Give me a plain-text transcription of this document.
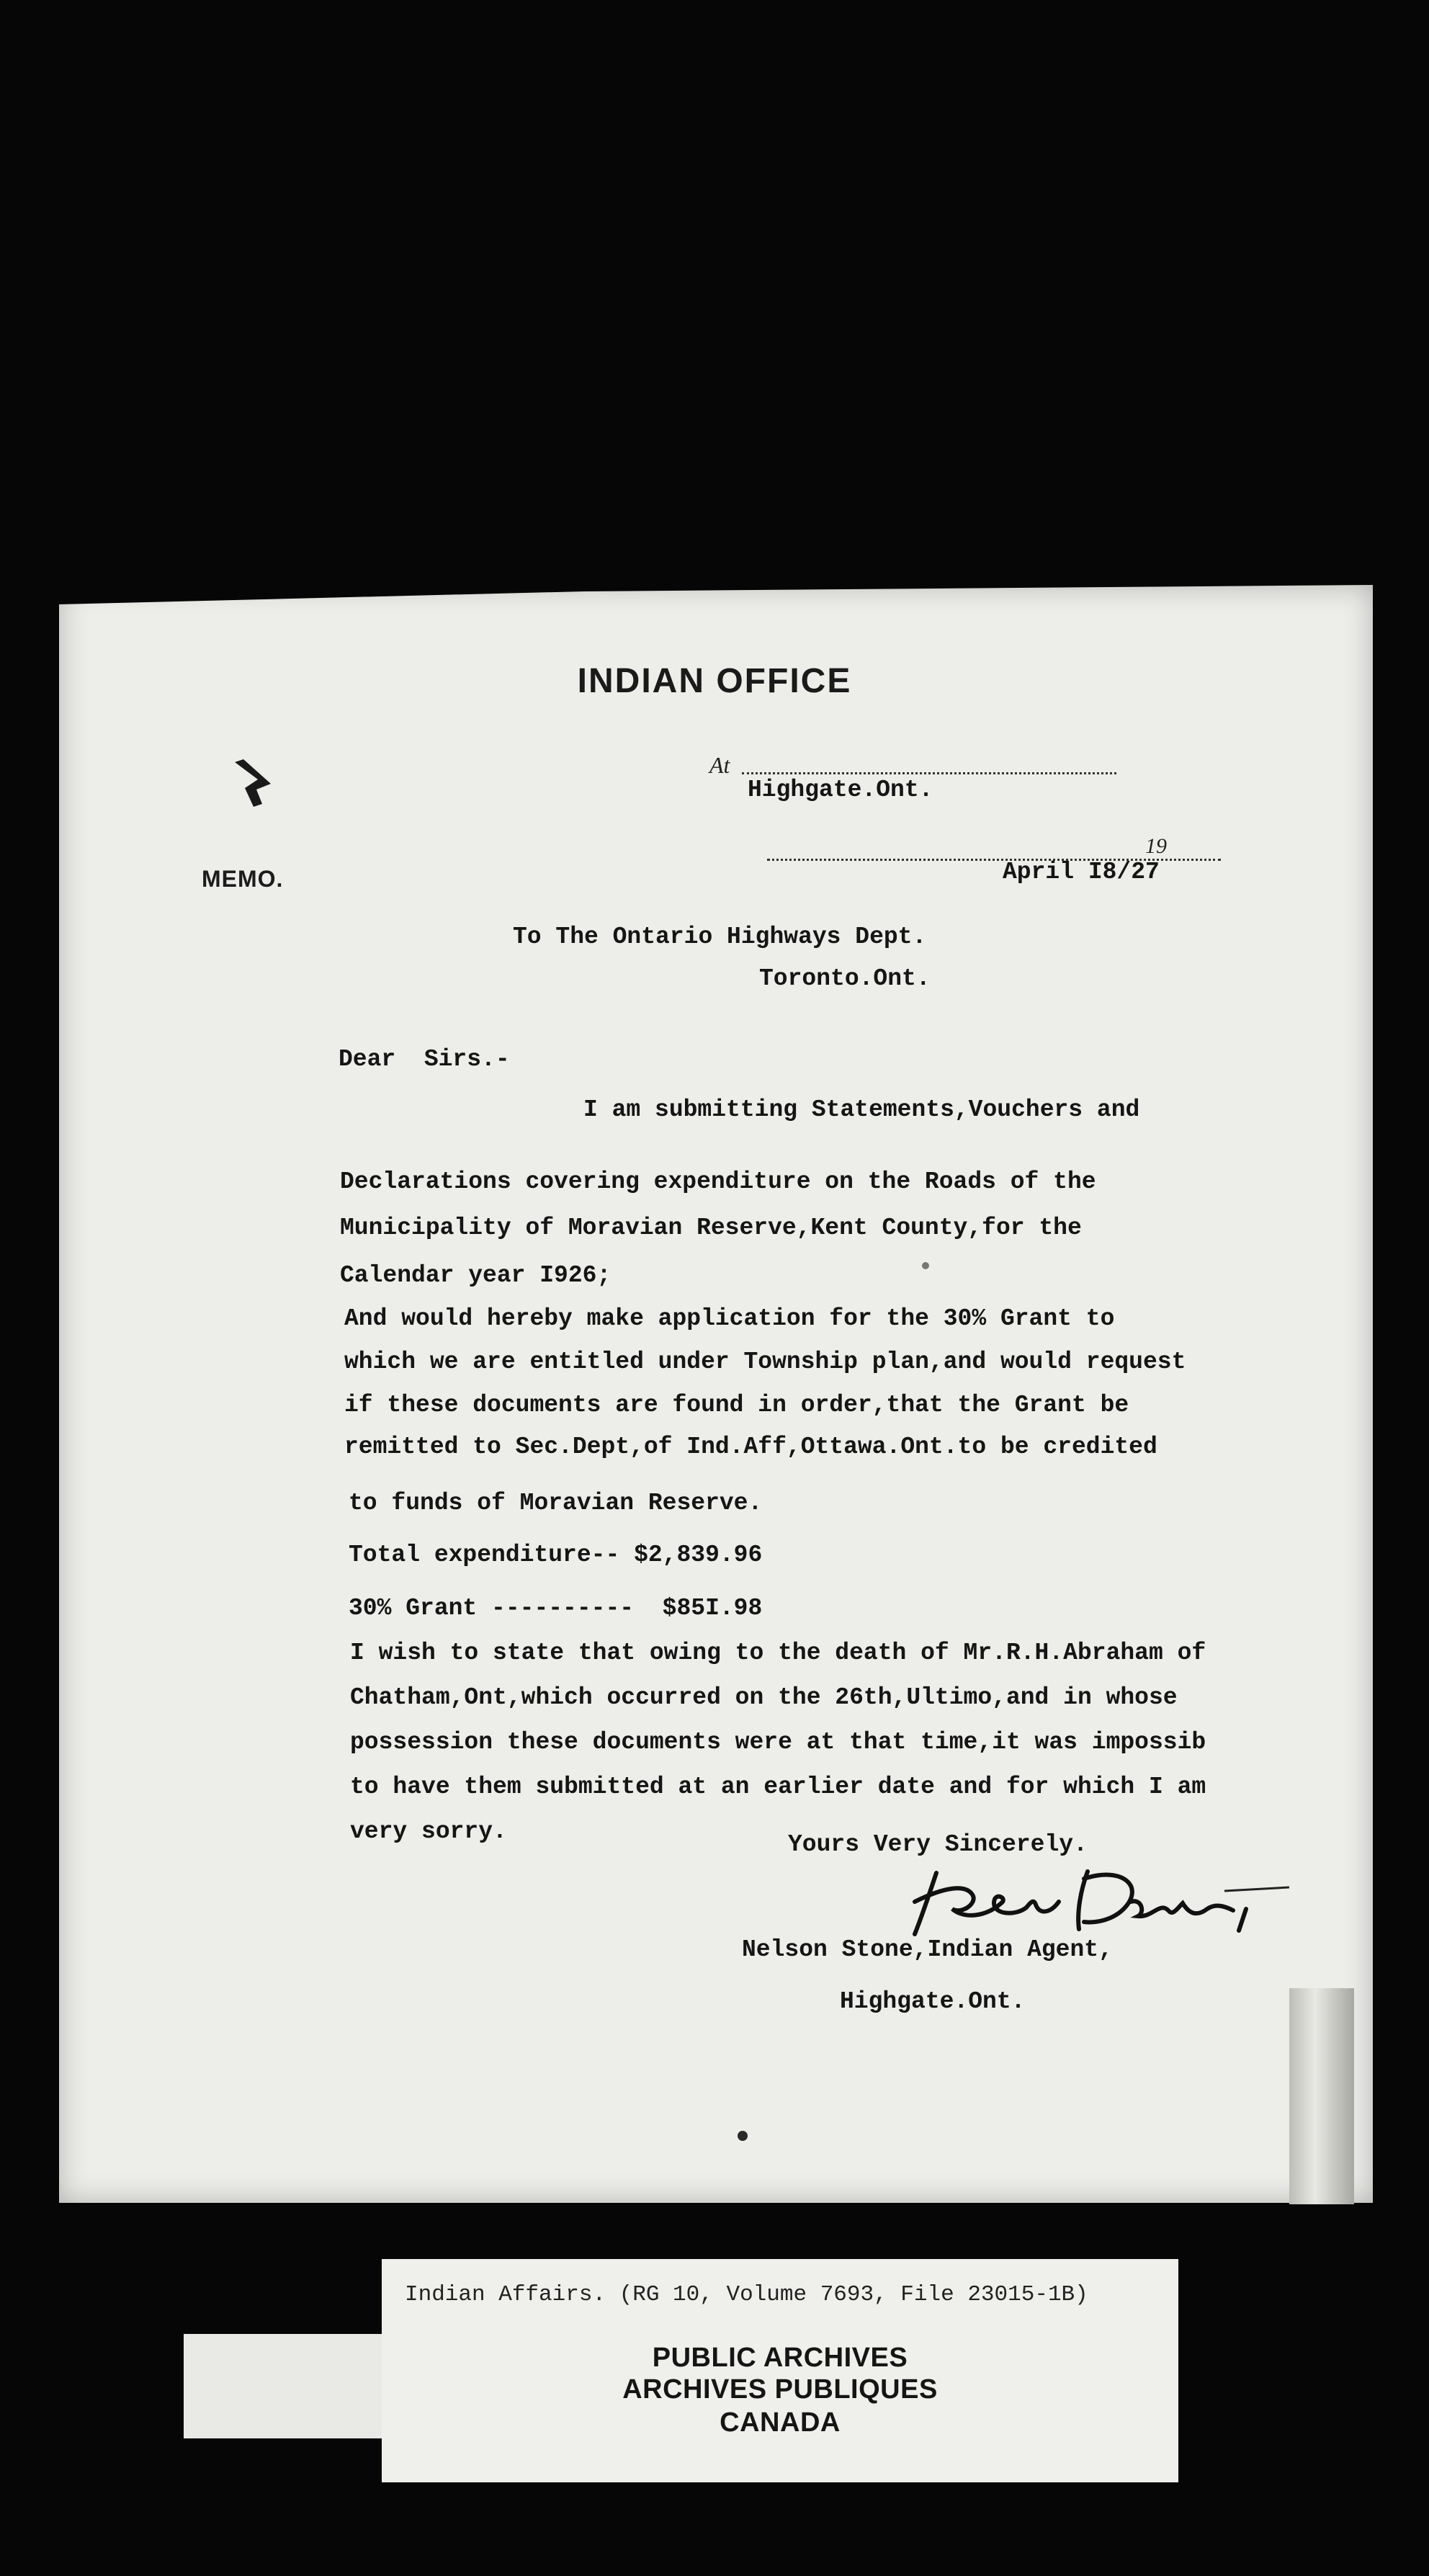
INDIAN OFFICE
At
Highgate.Ont.
MEMO.
19
April I8/27
To The Ontario Highways Dept.
Toronto.Ont.
Dear  Sirs.-
I am submitting Statements,Vouchers and
Declarations covering expenditure on the Roads of the
Municipality of Moravian Reserve,Kent County,for the
Calendar year I926;
And would hereby make application for the 30% Grant to
which we are entitled under Township plan,and would request
if these documents are found in order,that the Grant be
remitted to Sec.Dept,of Ind.Aff,Ottawa.Ont.to be credited
to funds of Moravian Reserve.
Total expenditure-- $2,839.96
30% Grant ----------  $85I.98
I wish to state that owing to the death of Mr.R.H.Abraham of
Chatham,Ont,which occurred on the 26th,Ultimo,and in whose
possession these documents were at that time,it was impossib
to have them submitted at an earlier date and for which I am
very sorry.	Yours Very Sincerely.
Nelson Stone,Indian Agent,
Highgate.Ont.
Indian Affairs. (RG 10, Volume 7693, File 23015-1B)
PUBLIC ARCHIVES
ARCHIVES PUBLIQUES
CANADA
